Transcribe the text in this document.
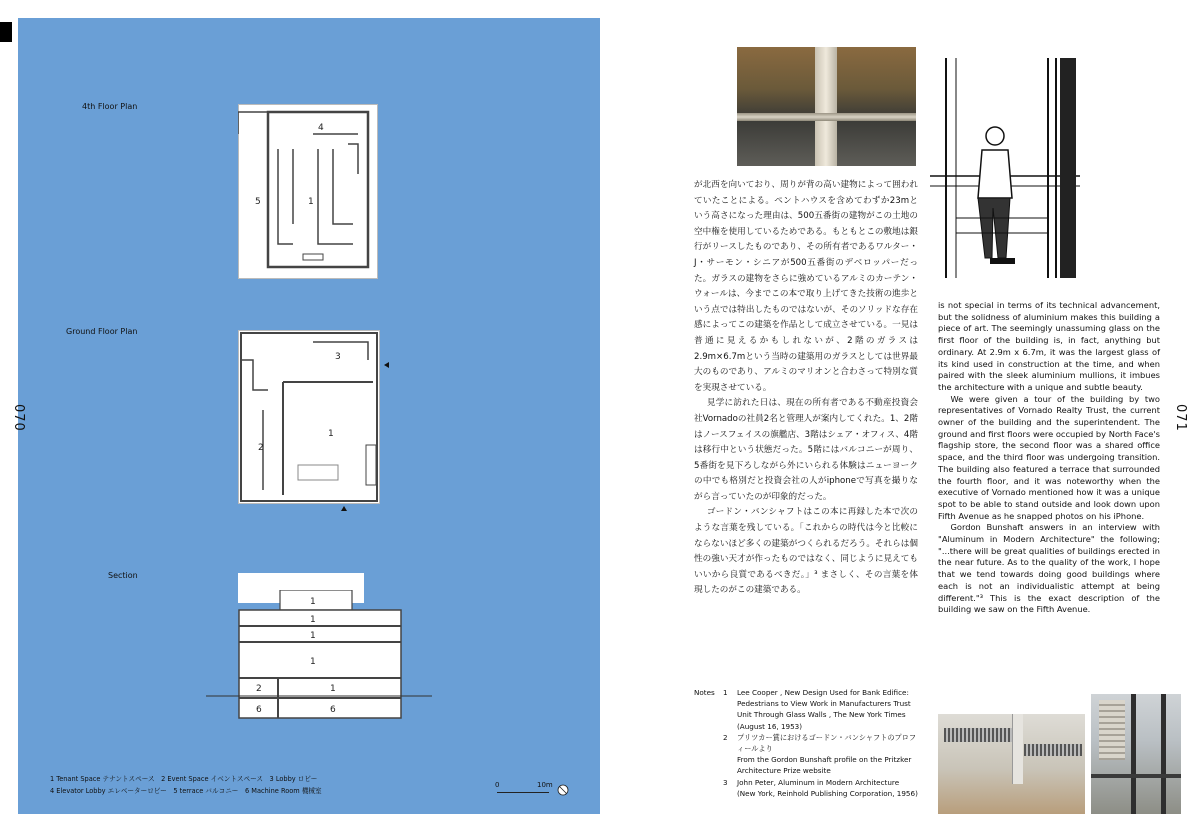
070
4th Floor Plan
4
5	1
Ground Floor Plan
3
2
1
Section
1
1
1
1
2	1
6	6
1 Tenant Space テナントスペース　2 Event Space イベントスペース　3 Lobby ロビー
4 Elevator Lobby エレベーターロビー　5 terrace バルコニー　6 Machine Room 機械室
0	10m
071

が北西を向いており、周りが背の高い建物によって囲われていたことによる。ペントハウスを含めてわずか23mという高さになった理由は、500五番街の建物がこの土地の空中権を使用しているためである。もともとこの敷地は銀行がリースしたものであり、その所有者であるワルター・J・サーモン・シニアが500五番街のデベロッパーだった。ガラスの建物をさらに強めているアルミのカーテン・ウォールは、今までこの本で取り上げてきた技術の進歩という点では特出したものではないが、そのソリッドな存在感によってこの建築を作品として成立させている。一見は普通に見えるかもしれないが、2階のガラスは2.9m×6.7mという当時の建築用のガラスとしては世界最大のものであり、アルミのマリオンと合わさって特別な質を実現させている。

見学に訪れた日は、現在の所有者である不動産投資会社Vornadoの社員2名と管理人が案内してくれた。1、2階はノースフェイスの旗艦店、3階はシェア・オフィス、4階は移行中という状態だった。5階にはバルコニーが周り、5番街を見下ろしながら外にいられる体験はニューヨークの中でも格別だと投資会社の人がiphoneで写真を撮りながら言っていたのが印象的だった。

ゴードン・バンシャフトはこの本に再録した本で次のような言葉を残している。「これからの時代は今と比較にならないほど多くの建築がつくられるだろう。それらは個性の強い天才が作ったものではなく、同じように見えてもいいから良質であるべきだ。」³ まさしく、その言葉を体現したのがこの建築である。

is not special in terms of its technical advancement, but the solidness of aluminium makes this building a piece of art. The seemingly unassuming glass on the first floor of the building is, in fact, anything but ordinary. At 2.9m x 6.7m, it was the largest glass of its kind used in construction at the time, and when paired with the sleek aluminium mullions, it imbues the architecture with a unique and subtle beauty.

We were given a tour of the building by two representatives of Vornado Realty Trust, the current owner of the building and the superintendent. The ground and first floors were occupied by North Face's flagship store, the second floor was a shared office space, and the third floor was undergoing transition. The building also featured a terrace that surrounded the fourth floor, and it was noteworthy when the executive of Vornado mentioned how it was a unique spot to be able to stand outside and look down upon Fifth Avenue as he snapped photos on his iPhone.

Gordon Bunshaft answers in an interview with "Aluminum in Modern Architecture" the following; "...there will be great qualities of buildings erected in the near future. As to the quality of the work, I hope that we tend towards doing good buildings where each is not an individualistic attempt at being different."³ This is the exact description of the building we saw on the Fifth Avenue.

Notes	1	Lee Cooper , New Design Used for Bank Edifice: Pedestrians to View Work in Manufacturers Trust Unit Through Glass Walls , The New York Times (August 16, 1953)
2	プリツカー賞におけるゴードン・バンシャフトのプロフィールより
From the Gordon Bunshaft profile on the Pritzker Architecture Prize website
3	John Peter, Aluminum in Modern Architecture (New York, Reinhold Publishing Corporation, 1956)
